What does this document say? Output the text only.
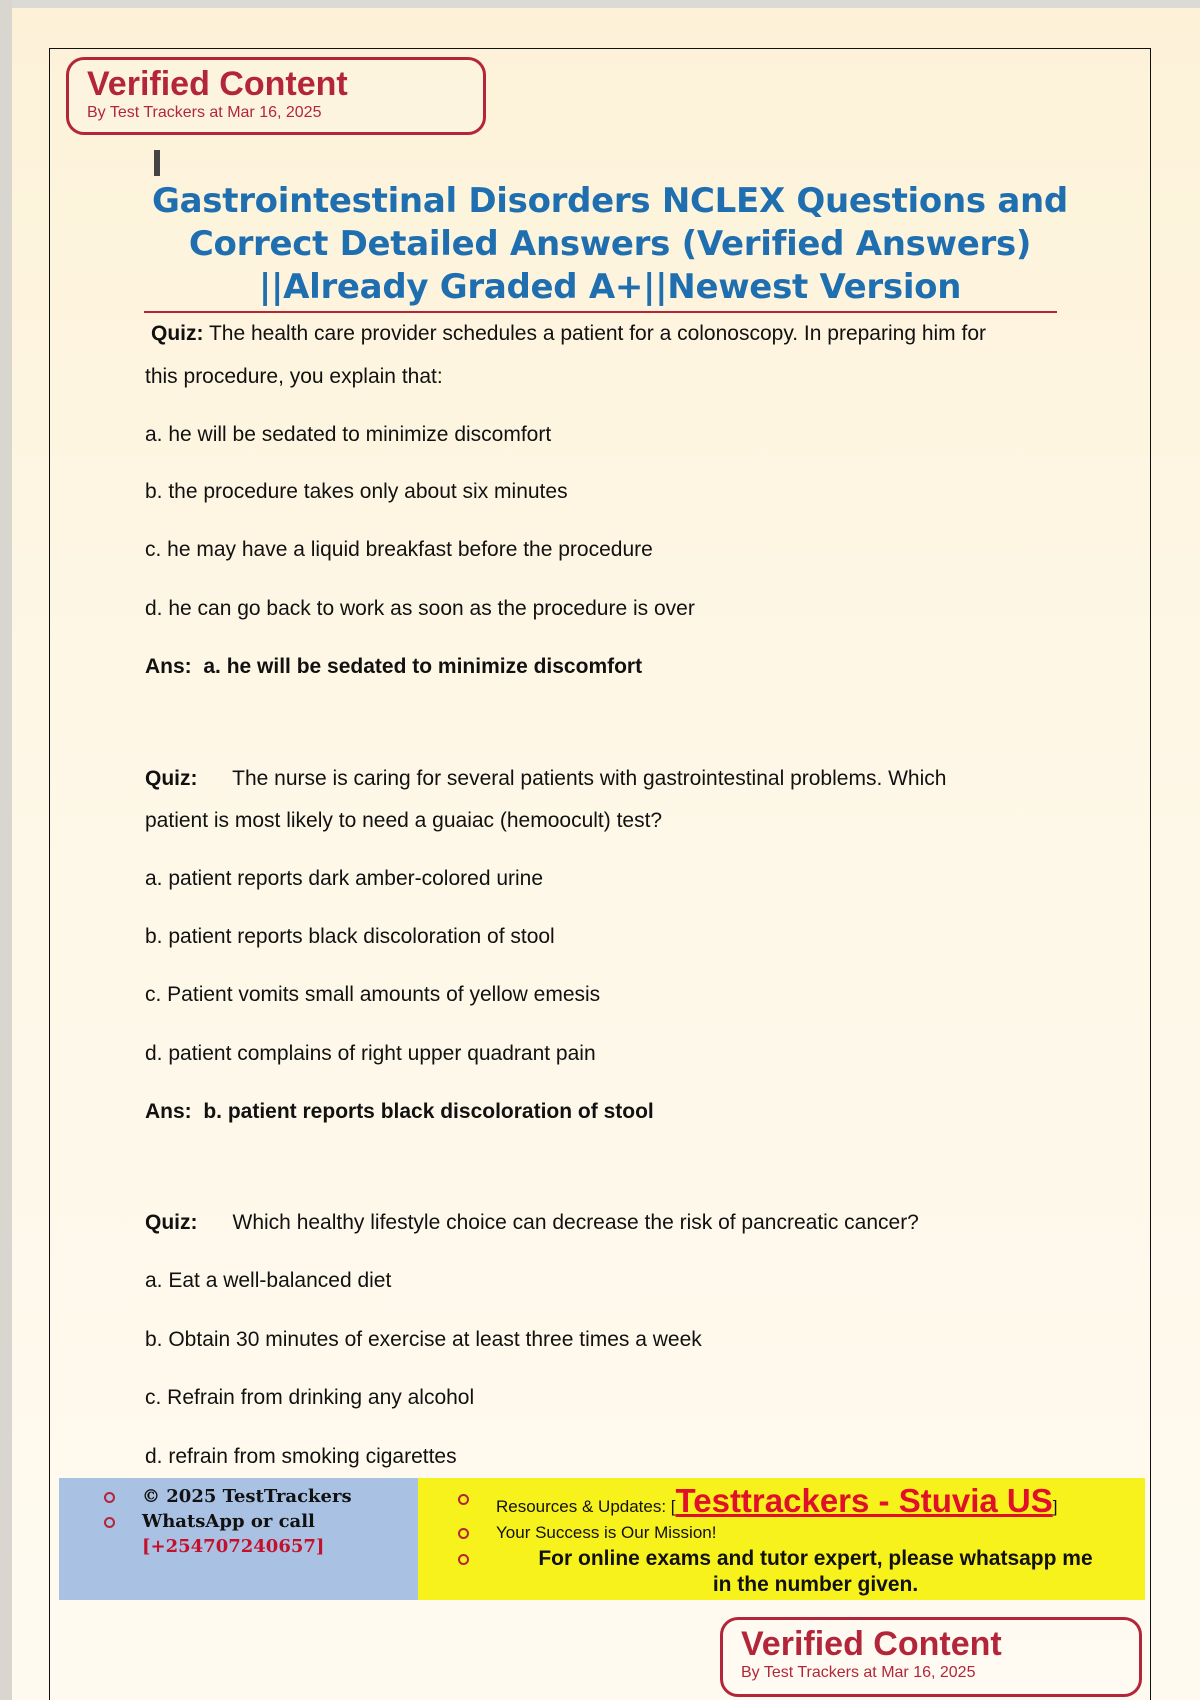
Verified Content
By Test Trackers at Mar 16, 2025
Gastrointestinal Disorders NCLEX Questions and
Correct Detailed Answers (Verified Answers)
||Already Graded A+||Newest Version
Quiz: The health care provider schedules a patient for a colonoscopy. In preparing him for
this procedure, you explain that:
a. he will be sedated to minimize discomfort
b. the procedure takes only about six minutes
c. he may have a liquid breakfast before the procedure
d. he can go back to work as soon as the procedure is over
Ans: a. he will be sedated to minimize discomfort
Quiz: The nurse is caring for several patients with gastrointestinal problems. Which
patient is most likely to need a guaiac (hemoocult) test?
a. patient reports dark amber-colored urine
b. patient reports black discoloration of stool
c. Patient vomits small amounts of yellow emesis
d. patient complains of right upper quadrant pain
Ans: b. patient reports black discoloration of stool
Quiz: Which healthy lifestyle choice can decrease the risk of pancreatic cancer?
a. Eat a well-balanced diet
b. Obtain 30 minutes of exercise at least three times a week
c. Refrain from drinking any alcohol
d. refrain from smoking cigarettes
© 2025 TestTrackers
WhatsApp or call
[+254707240657]
Resources & Updates: [Testtrackers - Stuvia US]
Your Success is Our Mission!
For online exams and tutor expert, please whatsapp me
in the number given.
Verified Content
By Test Trackers at Mar 16, 2025
